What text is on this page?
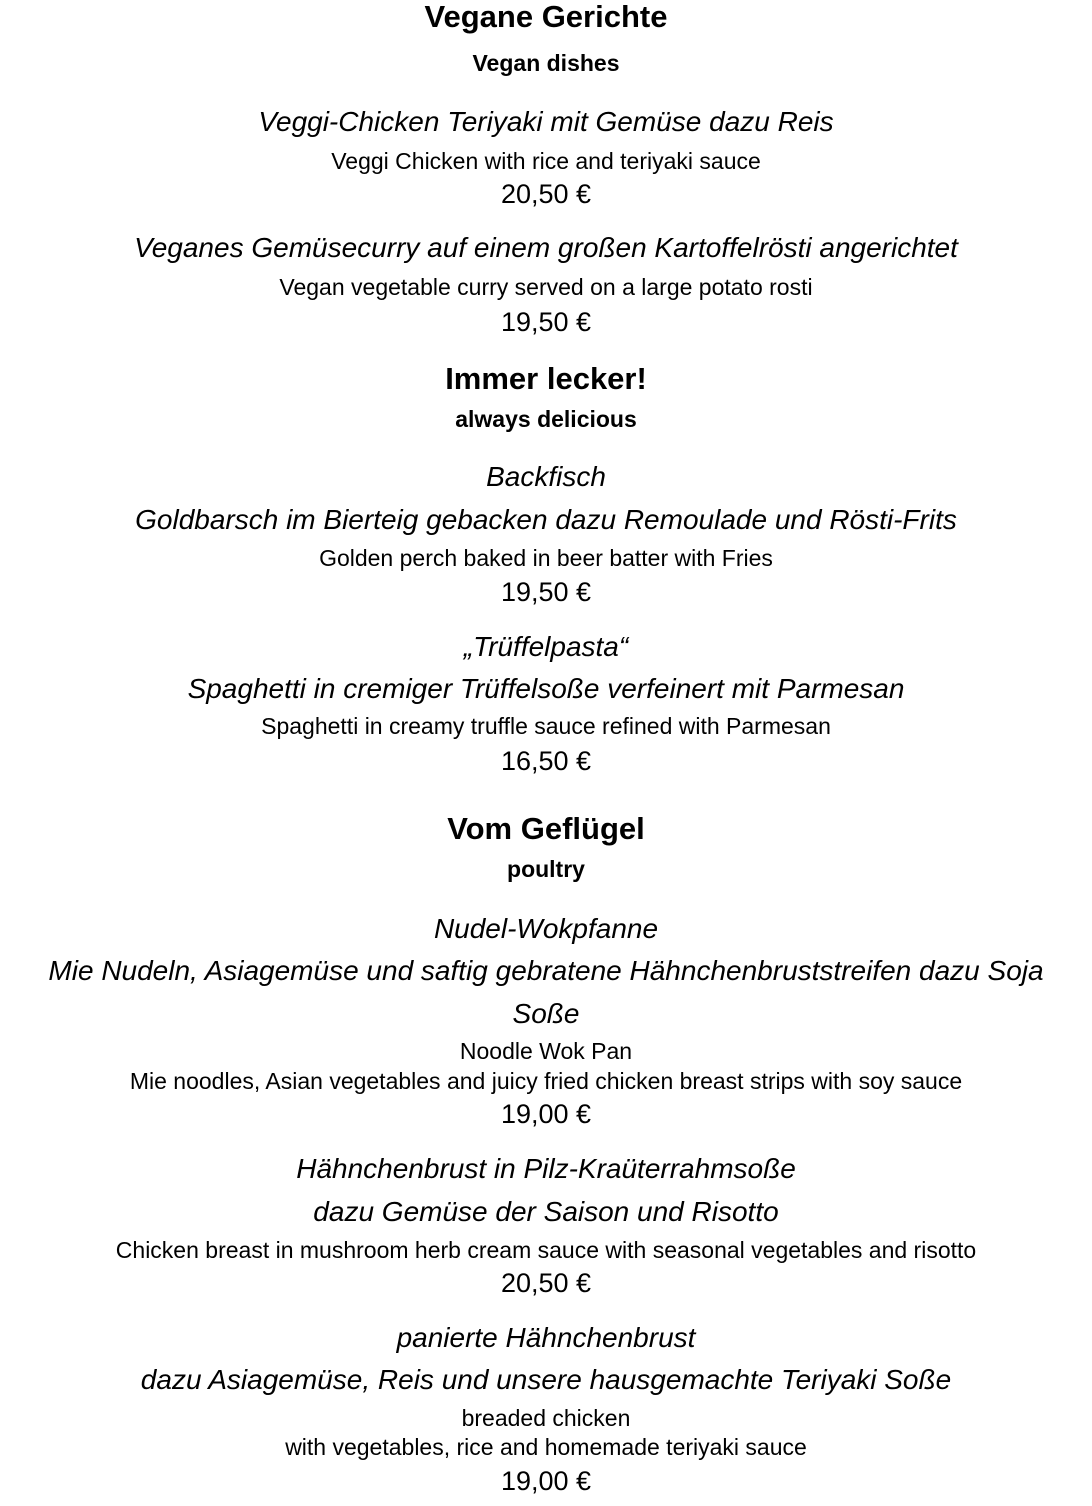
Vegane Gerichte
Vegan dishes
Veggi-Chicken Teriyaki mit Gemüse dazu Reis
Veggi Chicken with rice and teriyaki sauce
20,50 €
Veganes Gemüsecurry auf einem großen Kartoffelrösti angerichtet
Vegan vegetable curry served on a large potato rosti
19,50 €
Immer lecker!
always delicious
Backfisch
Goldbarsch im Bierteig gebacken dazu Remoulade und Rösti-Frits
Golden perch baked in beer batter with Fries
19,50 €
„Trüffelpasta“
Spaghetti in cremiger Trüffelsoße verfeinert mit Parmesan
Spaghetti in creamy truffle sauce refined with Parmesan
16,50 €
Vom Geflügel
poultry
Nudel-Wokpfanne
Mie Nudeln, Asiagemüse und saftig gebratene Hähnchenbruststreifen dazu Soja
Soße
Noodle Wok Pan
Mie noodles, Asian vegetables and juicy fried chicken breast strips with soy sauce
19,00 €
Hähnchenbrust in Pilz-Kraüterrahmsoße
dazu Gemüse der Saison und Risotto
Chicken breast in mushroom herb cream sauce with seasonal vegetables and risotto
20,50 €
panierte Hähnchenbrust
dazu Asiagemüse, Reis und unsere hausgemachte Teriyaki Soße
breaded chicken
with vegetables, rice and homemade teriyaki sauce
19,00 €
